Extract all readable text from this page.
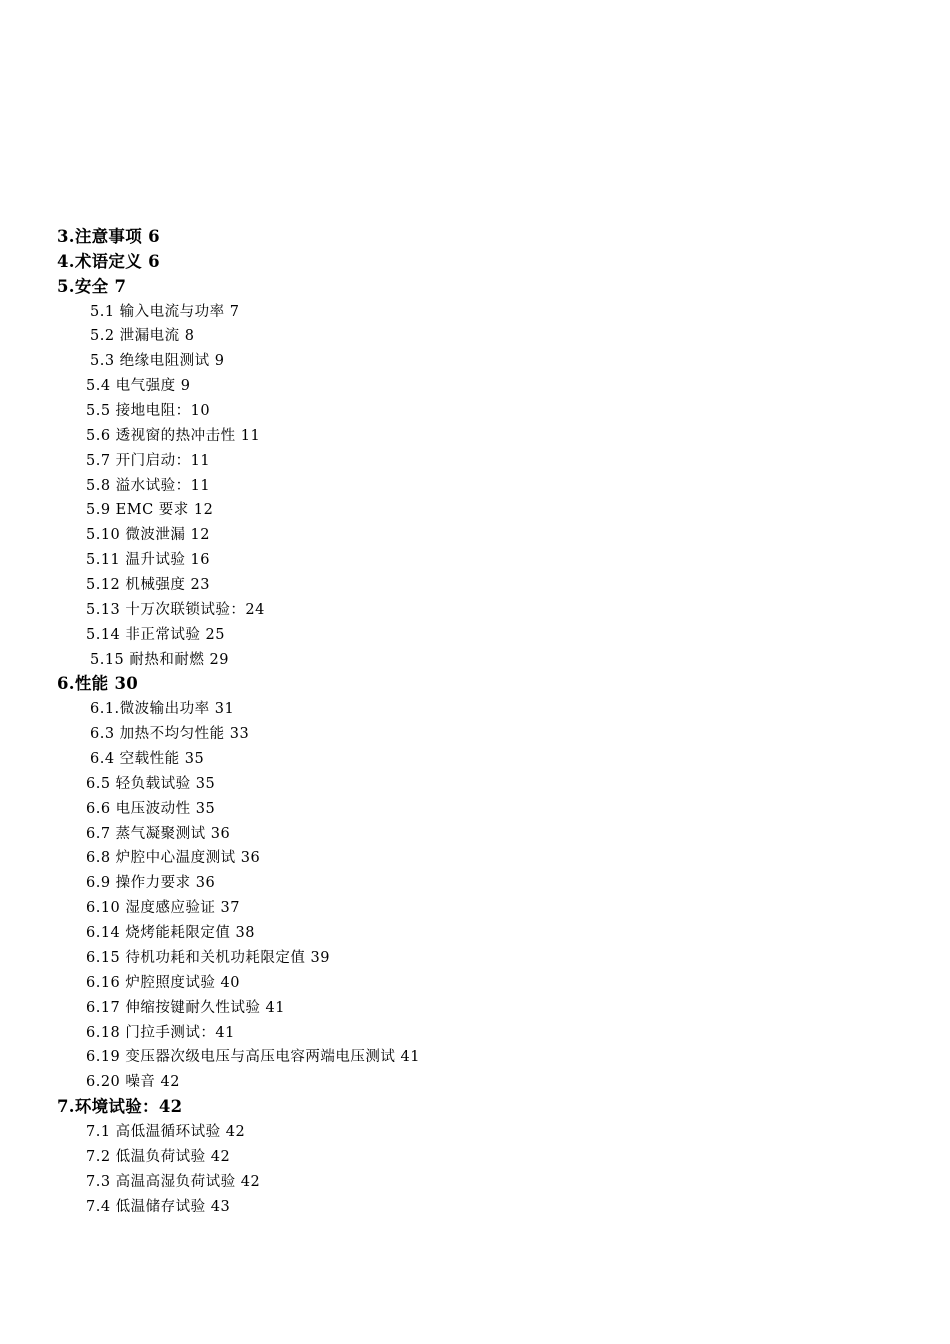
3.注意事项 6
4.术语定义 6
5.安全 7
5.1 输入电流与功率 7
5.2 泄漏电流 8
5.3 绝缘电阻测试 9
5.4 电气强度 9
5.5 接地电阻：10
5.6 透视窗的热冲击性 11
5.7 开门启动：11
5.8 溢水试验：11
5.9 EMC 要求 12
5.10 微波泄漏 12
5.11 温升试验 16
5.12 机械强度 23
5.13 十万次联锁试验：24
5.14 非正常试验 25
5.15 耐热和耐燃 29
6.性能 30
6.1.微波输出功率 31
6.3 加热不均匀性能 33
6.4 空载性能 35
6.5 轻负载试验 35
6.6 电压波动性 35
6.7 蒸气凝聚测试 36
6.8 炉腔中心温度测试 36
6.9 操作力要求 36
6.10 湿度感应验证 37
6.14 烧烤能耗限定值 38
6.15 待机功耗和关机功耗限定值 39
6.16 炉腔照度试验 40
6.17 伸缩按键耐久性试验 41
6.18 门拉手测试：41
6.19 变压器次级电压与高压电容两端电压测试 41
6.20 噪音 42
7.环境试验：42
7.1 高低温循环试验 42
7.2 低温负荷试验 42
7.3 高温高湿负荷试验 42
7.4 低温储存试验 43
